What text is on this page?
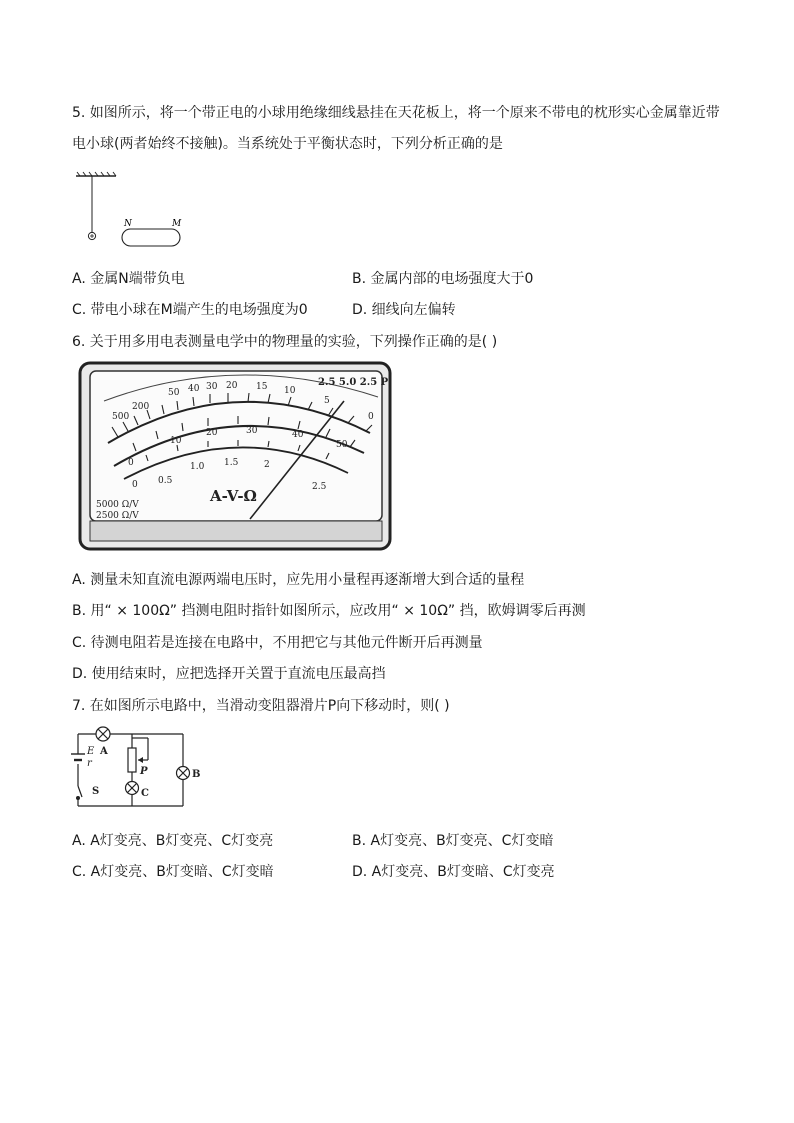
5. 如图所示，将一个带正电的小球用绝缘细线悬挂在天花板上，将一个原来不带电的枕形实心金属靠近带
电小球(两者始终不接触)。当系统处于平衡状态时，下列分析正确的是
N	M
A. 金属N端带负电	B. 金属内部的电场强度大于0
C. 带电小球在M端产生的电场强度为0	D. 细线向左偏转
6. 关于用多用电表测量电学中的物理量的实验，下列操作正确的是( )
500
200
50 40 30 20 15 10
5
0
0
10
20	30	40
50
0 0.5
1.0 1.5	2
2.5
2.5 5.0 2.5 P
A-V-Ω
5000 Ω/V
2500 Ω/V
A. 测量未知直流电源两端电压时，应先用小量程再逐渐增大到合适的量程
B. 用“ × 100Ω” 挡测电阻时指针如图所示，应改用“ × 10Ω” 挡，欧姆调零后再测
C. 待测电阻若是连接在电路中，不用把它与其他元件断开后再测量
D. 使用结束时，应把选择开关置于直流电压最高挡
7. 在如图所示电路中，当滑动变阻器滑片P向下移动时，则( )
E
r
S
A
B
C
P
A. A灯变亮、B灯变亮、C灯变亮	B. A灯变亮、B灯变亮、C灯变暗
C. A灯变亮、B灯变暗、C灯变暗	D. A灯变亮、B灯变暗、C灯变亮
